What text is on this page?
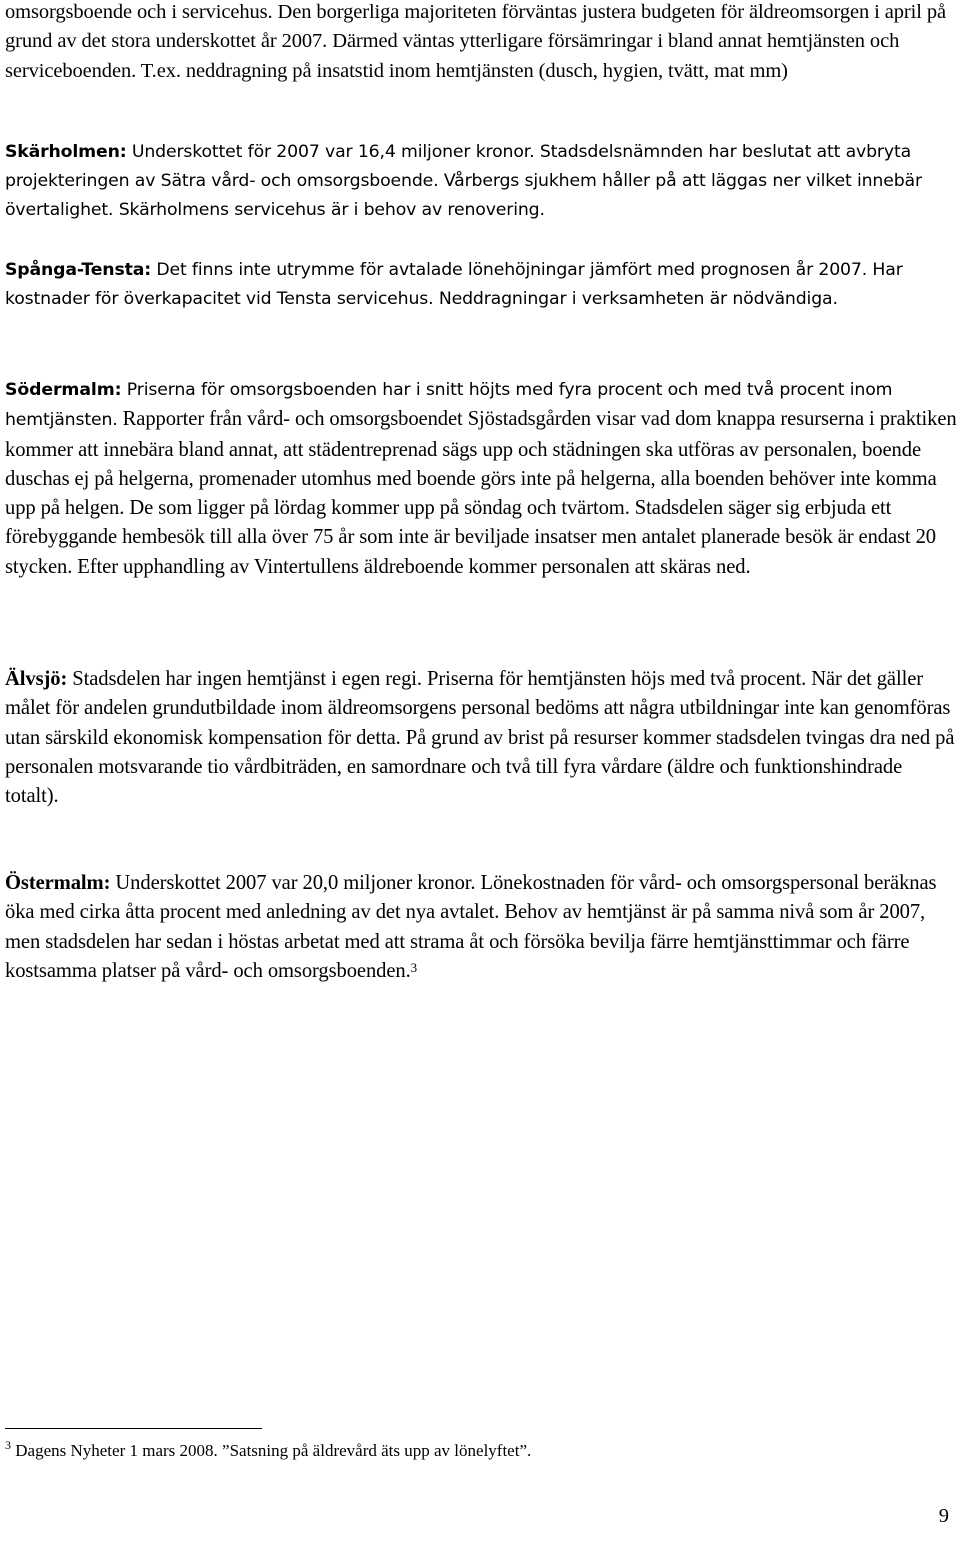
omsorgsboende och i servicehus. Den borgerliga majoriteten förväntas justera budgeten för äldreomsorgen i april på grund av det stora underskottet år 2007. Därmed väntas ytterligare försämringar i bland annat hemtjänsten och serviceboenden. T.ex. neddragning på insatstid inom hemtjänsten (dusch, hygien, tvätt, mat mm)

Skärholmen: Underskottet för 2007 var 16,4 miljoner kronor. Stadsdelsnämnden har beslutat att avbryta projekteringen av Sätra vård- och omsorgsboende. Vårbergs sjukhem håller på att läggas ner vilket innebär övertalighet. Skärholmens servicehus är i behov av renovering.

Spånga-Tensta: Det finns inte utrymme för avtalade lönehöjningar jämfört med prognosen år 2007. Har kostnader för överkapacitet vid Tensta servicehus. Neddragningar i verksamheten är nödvändiga.

Södermalm: Priserna för omsorgsboenden har i snitt höjts med fyra procent och med två procent inom hemtjänsten. Rapporter från vård- och omsorgsboendet Sjöstadsgården visar vad dom knappa resurserna i praktiken kommer att innebära bland annat, att städentreprenad sägs upp och städningen ska utföras av personalen, boende duschas ej på helgerna, promenader utomhus med boende görs inte på helgerna, alla boenden behöver inte komma upp på helgen. De som ligger på lördag kommer upp på söndag och tvärtom. Stadsdelen säger sig erbjuda ett förebyggande hembesök till alla över 75 år som inte är beviljade insatser men antalet planerade besök är endast 20 stycken. Efter upphandling av Vintertullens äldreboende kommer personalen att skäras ned.

Älvsjö: Stadsdelen har ingen hemtjänst i egen regi. Priserna för hemtjänsten höjs med två procent. När det gäller målet för andelen grundutbildade inom äldreomsorgens personal bedöms att några utbildningar inte kan genomföras utan särskild ekonomisk kompensation för detta. På grund av brist på resurser kommer stadsdelen tvingas dra ned på personalen motsvarande tio vårdbiträden, en samordnare och två till fyra vårdare (äldre och funktionshindrade totalt).

Östermalm: Underskottet 2007 var 20,0 miljoner kronor. Lönekostnaden för vård- och omsorgspersonal beräknas öka med cirka åtta procent med anledning av det nya avtalet. Behov av hemtjänst är på samma nivå som år 2007, men stadsdelen har sedan i höstas arbetat med att strama åt och försöka bevilja färre hemtjänsttimmar och färre kostsamma platser på vård- och omsorgsboenden.$^3$

$^3$ Dagens Nyheter 1 mars 2008. ”Satsning på äldrevård äts upp av lönelyftet”.
9
